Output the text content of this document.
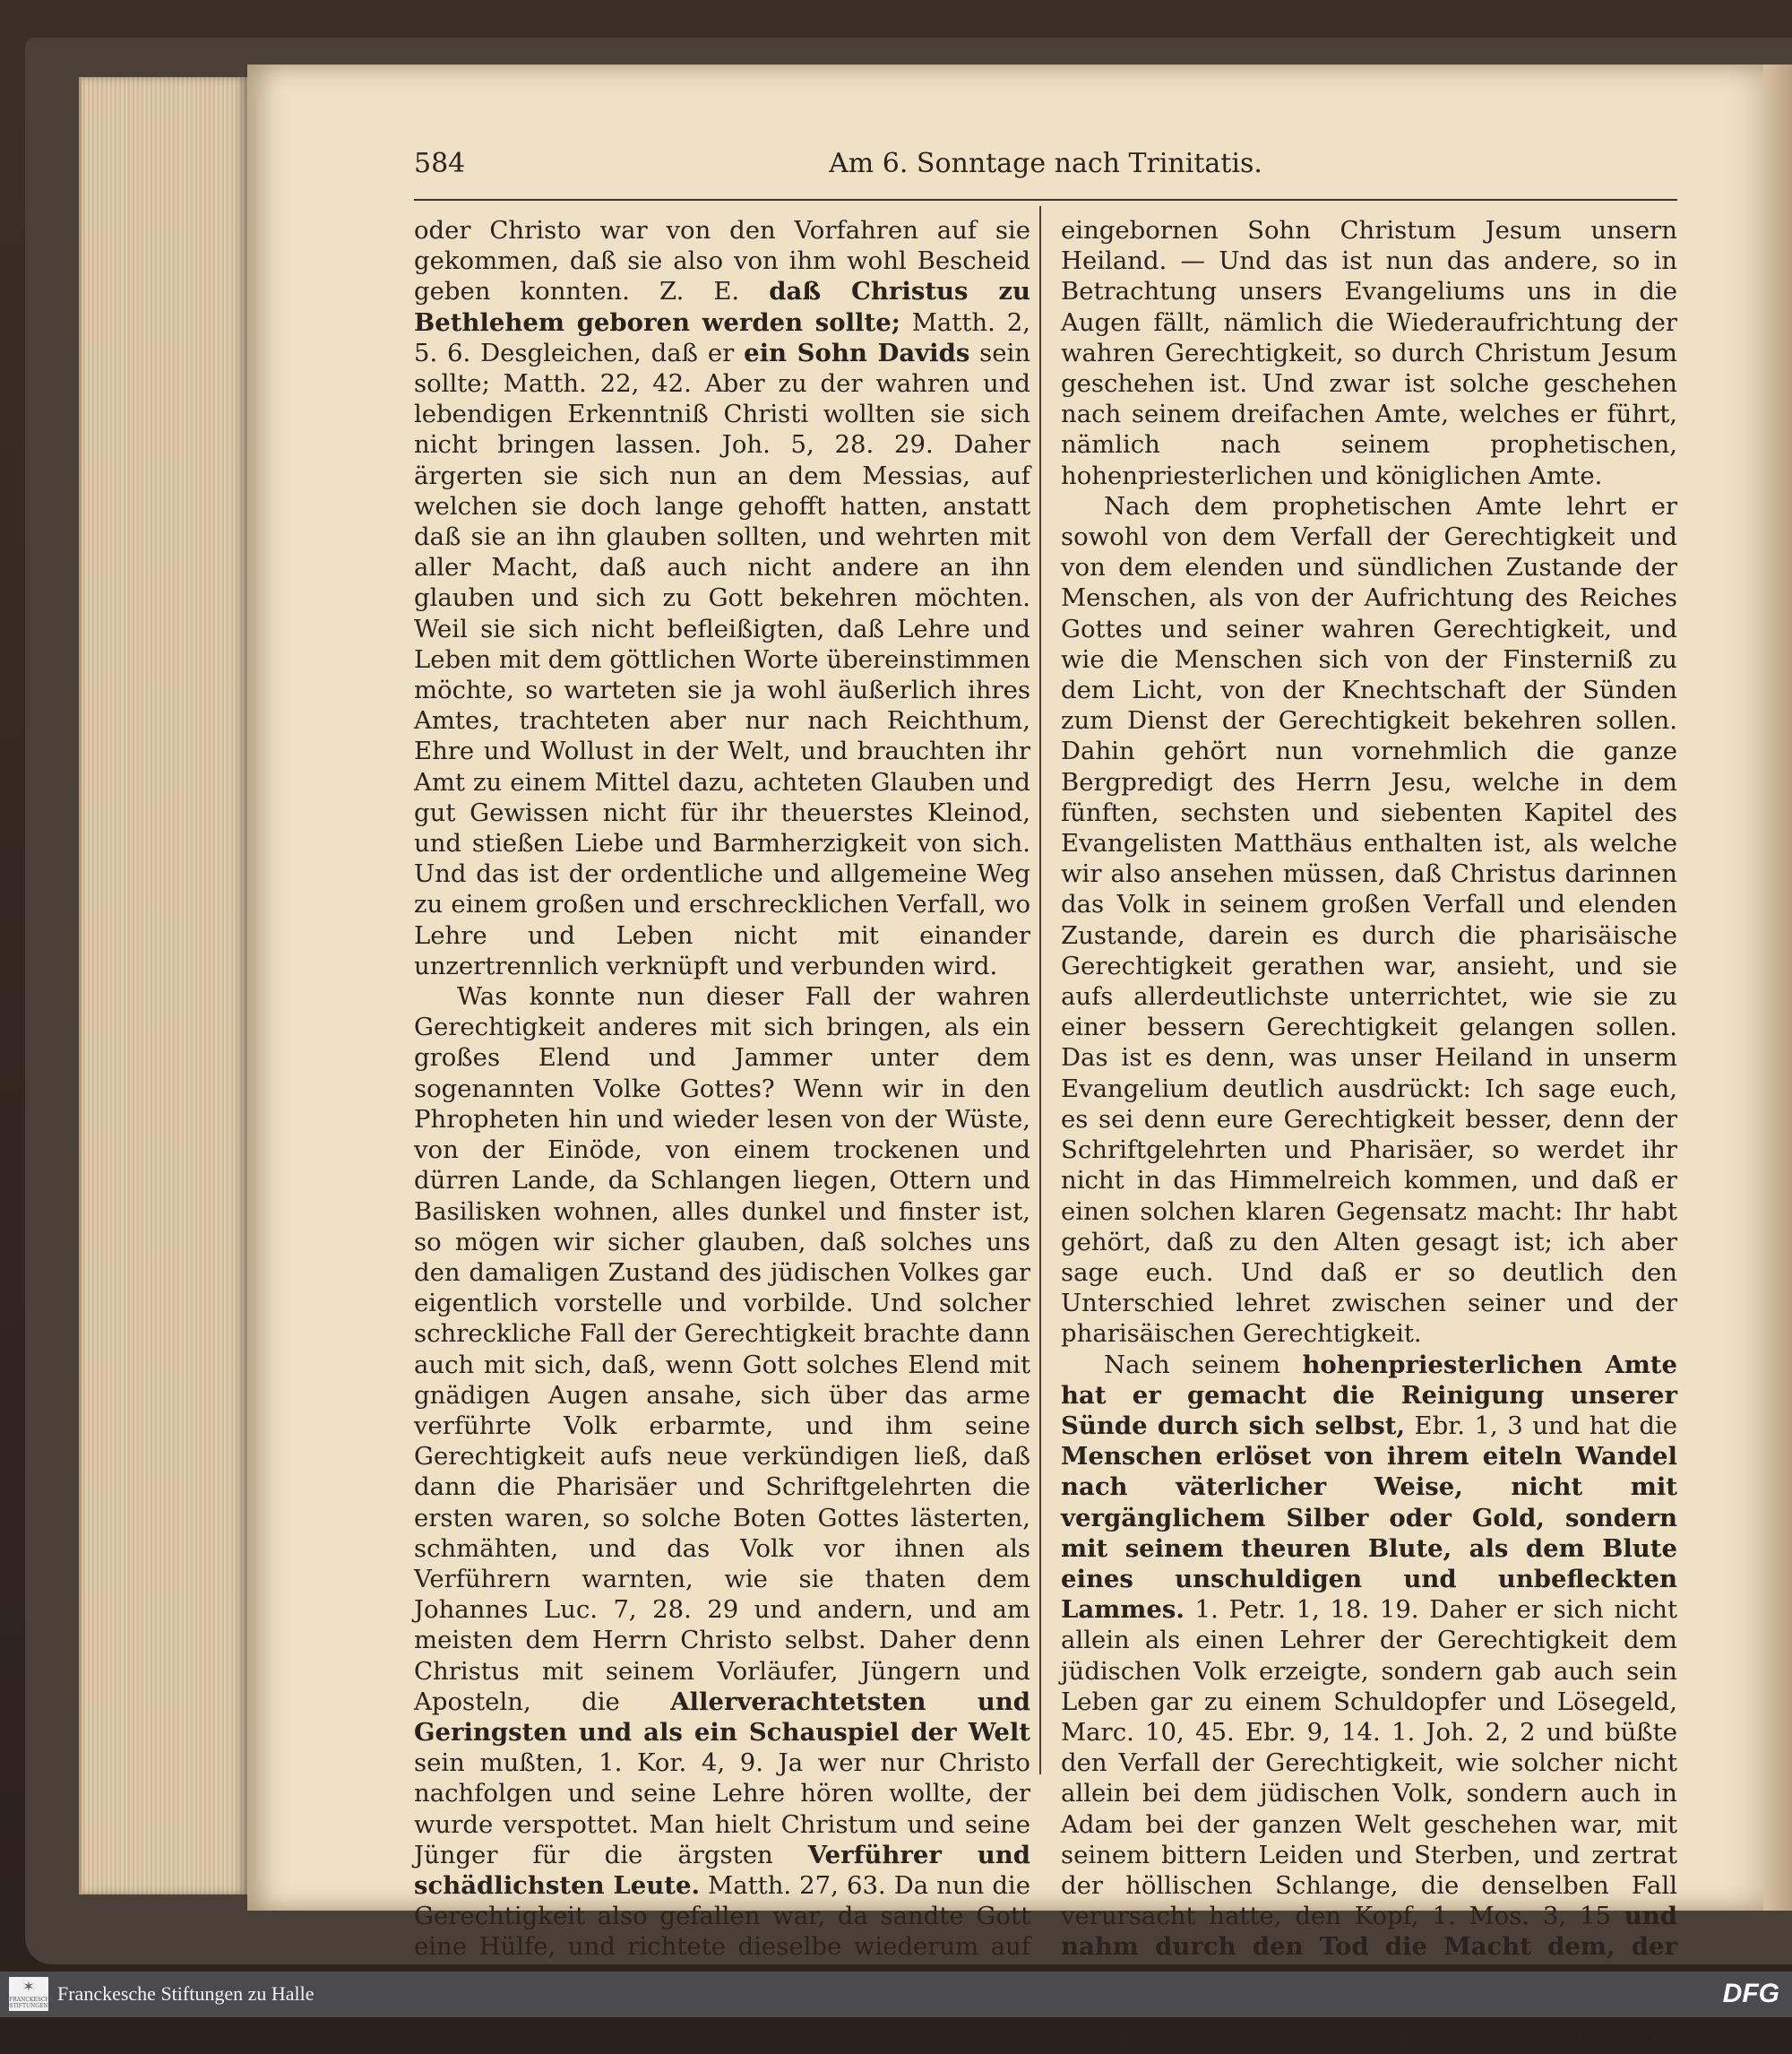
584	Am 6. Sonntage nach Trinitatis.

oder Christo war von den Vorfahren auf sie gekommen, daß sie also von ihm wohl Bescheid geben konnten. Z. E. daß Christus zu Bethlehem geboren werden sollte; Matth. 2, 5. 6. Desgleichen, daß er ein Sohn Davids sein sollte; Matth. 22, 42. Aber zu der wahren und lebendigen Erkenntniß Christi wollten sie sich nicht bringen lassen. Joh. 5, 28. 29. Daher ärgerten sie sich nun an dem Messias, auf welchen sie doch lange gehofft hatten, anstatt daß sie an ihn glauben sollten, und wehrten mit aller Macht, daß auch nicht andere an ihn glauben und sich zu Gott bekehren möchten. Weil sie sich nicht befleißigten, daß Lehre und Leben mit dem göttlichen Worte übereinstimmen möchte, so warteten sie ja wohl äußerlich ihres Amtes, trachteten aber nur nach Reichthum, Ehre und Wollust in der Welt, und brauchten ihr Amt zu einem Mittel dazu, achteten Glauben und gut Gewissen nicht für ihr theuerstes Kleinod, und stießen Liebe und Barmherzigkeit von sich. Und das ist der ordentliche und allgemeine Weg zu einem großen und erschrecklichen Verfall, wo Lehre und Leben nicht mit einander unzertrennlich verknüpft und verbunden wird.

Was konnte nun dieser Fall der wahren Gerechtigkeit anderes mit sich bringen, als ein großes Elend und Jammer unter dem sogenannten Volke Gottes? Wenn wir in den Phropheten hin und wieder lesen von der Wüste, von der Einöde, von einem trockenen und dürren Lande, da Schlangen liegen, Ottern und Basilisken wohnen, alles dunkel und finster ist, so mögen wir sicher glauben, daß solches uns den damaligen Zustand des jüdischen Volkes gar eigentlich vorstelle und vorbilde. Und solcher schreckliche Fall der Gerechtigkeit brachte dann auch mit sich, daß, wenn Gott solches Elend mit gnädigen Augen ansahe, sich über das arme verführte Volk erbarmte, und ihm seine Gerechtigkeit aufs neue verkündigen ließ, daß dann die Pharisäer und Schriftgelehrten die ersten waren, so solche Boten Gottes lästerten, schmähten, und das Volk vor ihnen als Verführern warnten, wie sie thaten dem Johannes Luc. 7, 28. 29 und andern, und am meisten dem Herrn Christo selbst. Daher denn Christus mit seinem Vorläufer, Jüngern und Aposteln, die Allerverachtetsten und Geringsten und als ein Schauspiel der Welt sein mußten, 1. Kor. 4, 9. Ja wer nur Christo nachfolgen und seine Lehre hören wollte, der wurde verspottet. Man hielt Christum und seine Jünger für die ärgsten Verführer und schädlichsten Leute. Matth. 27, 63. Da nun die Gerechtigkeit also gefallen war, da sandte Gott eine Hülfe, und richtete dieselbe wiederum auf

eingebornen Sohn Christum Jesum unsern Heiland. — Und das ist nun das andere, so in Betrachtung unsers Evangeliums uns in die Augen fällt, nämlich die Wiederaufrichtung der wahren Gerechtigkeit, so durch Christum Jesum geschehen ist. Und zwar ist solche geschehen nach seinem dreifachen Amte, welches er führt, nämlich nach seinem prophetischen, hohenpriesterlichen und königlichen Amte.

Nach dem prophetischen Amte lehrt er sowohl von dem Verfall der Gerechtigkeit und von dem elenden und sündlichen Zustande der Menschen, als von der Aufrichtung des Reiches Gottes und seiner wahren Gerechtigkeit, und wie die Menschen sich von der Finsterniß zu dem Licht, von der Knechtschaft der Sünden zum Dienst der Gerechtigkeit bekehren sollen. Dahin gehört nun vornehmlich die ganze Bergpredigt des Herrn Jesu, welche in dem fünften, sechsten und siebenten Kapitel des Evangelisten Matthäus enthalten ist, als welche wir also ansehen müssen, daß Christus darinnen das Volk in seinem großen Verfall und elenden Zustande, darein es durch die pharisäische Gerechtigkeit gerathen war, ansieht, und sie aufs allerdeutlichste unterrichtet, wie sie zu einer bessern Gerechtigkeit gelangen sollen. Das ist es denn, was unser Heiland in unserm Evangelium deutlich ausdrückt: Ich sage euch, es sei denn eure Gerechtigkeit besser, denn der Schriftgelehrten und Pharisäer, so werdet ihr nicht in das Himmelreich kommen, und daß er einen solchen klaren Gegensatz macht: Ihr habt gehört, daß zu den Alten gesagt ist; ich aber sage euch. Und daß er so deutlich den Unterschied lehret zwischen seiner und der pharisäischen Gerechtigkeit.

Nach seinem hohenpriesterlichen Amte hat er gemacht die Reinigung unserer Sünde durch sich selbst, Ebr. 1, 3 und hat die Menschen erlöset von ihrem eiteln Wandel nach väterlicher Weise, nicht mit vergänglichem Silber oder Gold, sondern mit seinem theuren Blute, als dem Blute eines unschuldigen und unbefleckten Lammes. 1. Petr. 1, 18. 19. Daher er sich nicht allein als einen Lehrer der Gerechtigkeit dem jüdischen Volk erzeigte, sondern gab auch sein Leben gar zu einem Schuldopfer und Lösegeld, Marc. 10, 45. Ebr. 9, 14. 1. Joh. 2, 2 und büßte den Verfall der Gerechtigkeit, wie solcher nicht allein bei dem jüdischen Volk, sondern auch in Adam bei der ganzen Welt geschehen war, mit seinem bittern Leiden und Sterben, und zertrat der höllischen Schlange, die denselben Fall verursacht hatte, den Kopf, 1. Mos. 3, 15 und nahm durch den Tod die Macht dem, der eine menschliche Gerechtigkeit, die aus dem Ge-

✶
FRANCKESCHE STIFTUNGEN
Franckesche Stiftungen zu Halle	DFG
